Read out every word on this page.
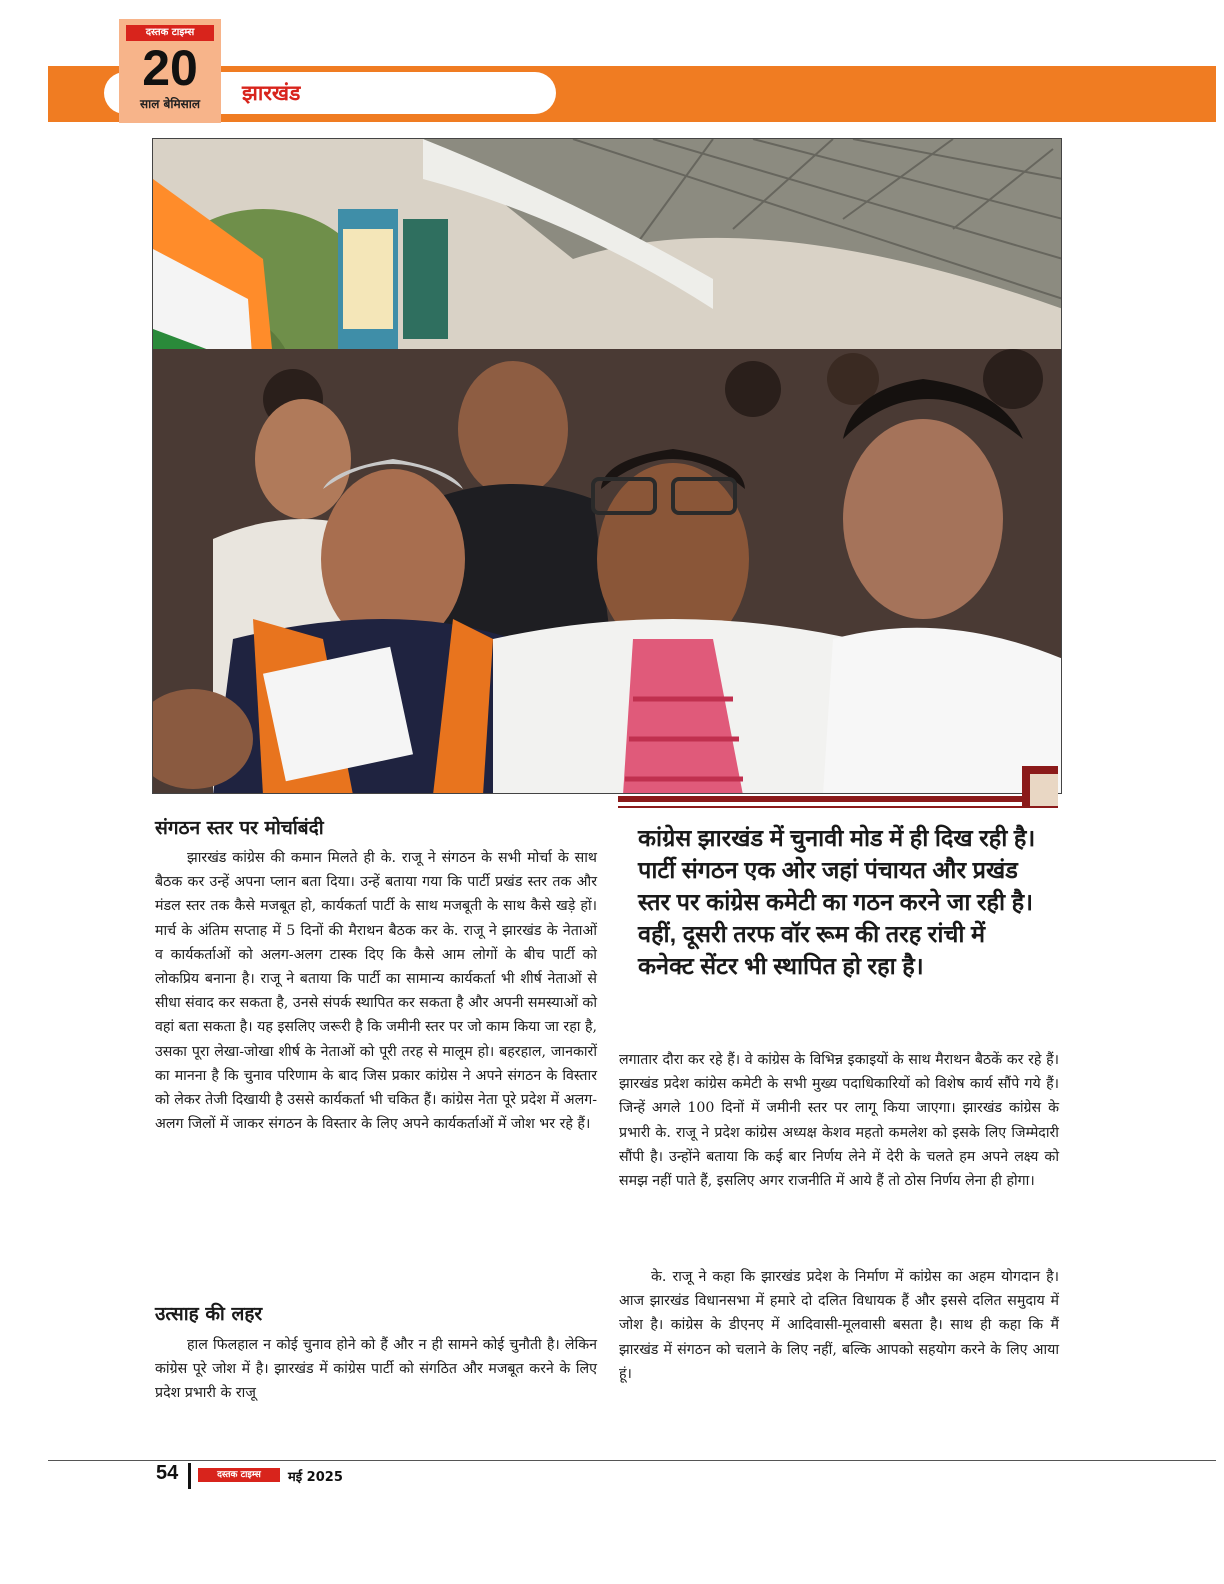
झारखंड
दस्तक टाइम्स
20
साल बेमिसाल
कांग्रेस झारखंड में चुनावी मोड में ही दिख रही है। पार्टी संगठन एक ओर जहां पंचायत और प्रखंड स्तर पर कांग्रेस कमेटी का गठन करने जा रही है। वहीं, दूसरी तरफ वॉर रूम की तरह रांची में कनेक्ट सेंटर भी स्थापित हो रहा है।
संगठन स्तर पर मोर्चाबंदी

झारखंड कांग्रेस की कमान मिलते ही के. राजू ने संगठन के सभी मोर्चा के साथ बैठक कर उन्हें अपना प्लान बता दिया। उन्हें बताया गया कि पार्टी प्रखंड स्तर तक और मंडल स्तर तक कैसे मजबूत हो, कार्यकर्ता पार्टी के साथ मजबूती के साथ कैसे खड़े हों। मार्च के अंतिम सप्ताह में 5 दिनों की मैराथन बैठक कर के. राजू ने झारखंड के नेताओं व कार्यकर्ताओं को अलग-अलग टास्क दिए कि कैसे आम लोगों के बीच पार्टी को लोकप्रिय बनाना है। राजू ने बताया कि पार्टी का सामान्य कार्यकर्ता भी शीर्ष नेताओं से सीधा संवाद कर सकता है, उनसे संपर्क स्थापित कर सकता है और अपनी समस्याओं को वहां बता सकता है। यह इसलिए जरूरी है कि जमीनी स्तर पर जो काम किया जा रहा है, उसका पूरा लेखा-जोखा शीर्ष के नेताओं को पूरी तरह से मालूम हो। बहरहाल, जानकारों का मानना है कि चुनाव परिणाम के बाद जिस प्रकार कांग्रेस ने अपने संगठन के विस्तार को लेकर तेजी दिखायी है उससे कार्यकर्ता भी चकित हैं। कांग्रेस नेता पूरे प्रदेश में अलग-अलग जिलों में जाकर संगठन के विस्तार के लिए अपने कार्यकर्ताओं में जोश भर रहे हैं।

उत्साह की लहर

हाल फिलहाल न कोई चुनाव होने को हैं और न ही सामने कोई चुनौती है। लेकिन कांग्रेस पूरे जोश में है। झारखंड में कांग्रेस पार्टी को संगठित और मजबूत करने के लिए प्रदेश प्रभारी के राजू

लगातार दौरा कर रहे हैं। वे कांग्रेस के विभिन्न इकाइयों के साथ मैराथन बैठकें कर रहे हैं। झारखंड प्रदेश कांग्रेस कमेटी के सभी मुख्य पदाधिकारियों को विशेष कार्य सौंपे गये हैं। जिन्हें अगले 100 दिनों में जमीनी स्तर पर लागू किया जाएगा। झारखंड कांग्रेस के प्रभारी के. राजू ने प्रदेश कांग्रेस अध्यक्ष केशव महतो कमलेश को इसके लिए जिम्मेदारी सौंपी है। उन्होंने बताया कि कई बार निर्णय लेने में देरी के चलते हम अपने लक्ष्य को समझ नहीं पाते हैं, इसलिए अगर राजनीति में आये हैं तो ठोस निर्णय लेना ही होगा।

के. राजू ने कहा कि झारखंड प्रदेश के निर्माण में कांग्रेस का अहम योगदान है। आज झारखंड विधानसभा में हमारे दो दलित विधायक हैं और इससे दलित समुदाय में जोश है। कांग्रेस के डीएनए में आदिवासी-मूलवासी बसता है। साथ ही कहा कि मैं झारखंड में संगठन को चलाने के लिए नहीं, बल्कि आपको सहयोग करने के लिए आया हूं।

54	दस्तक टाइम्स	मई 2025
